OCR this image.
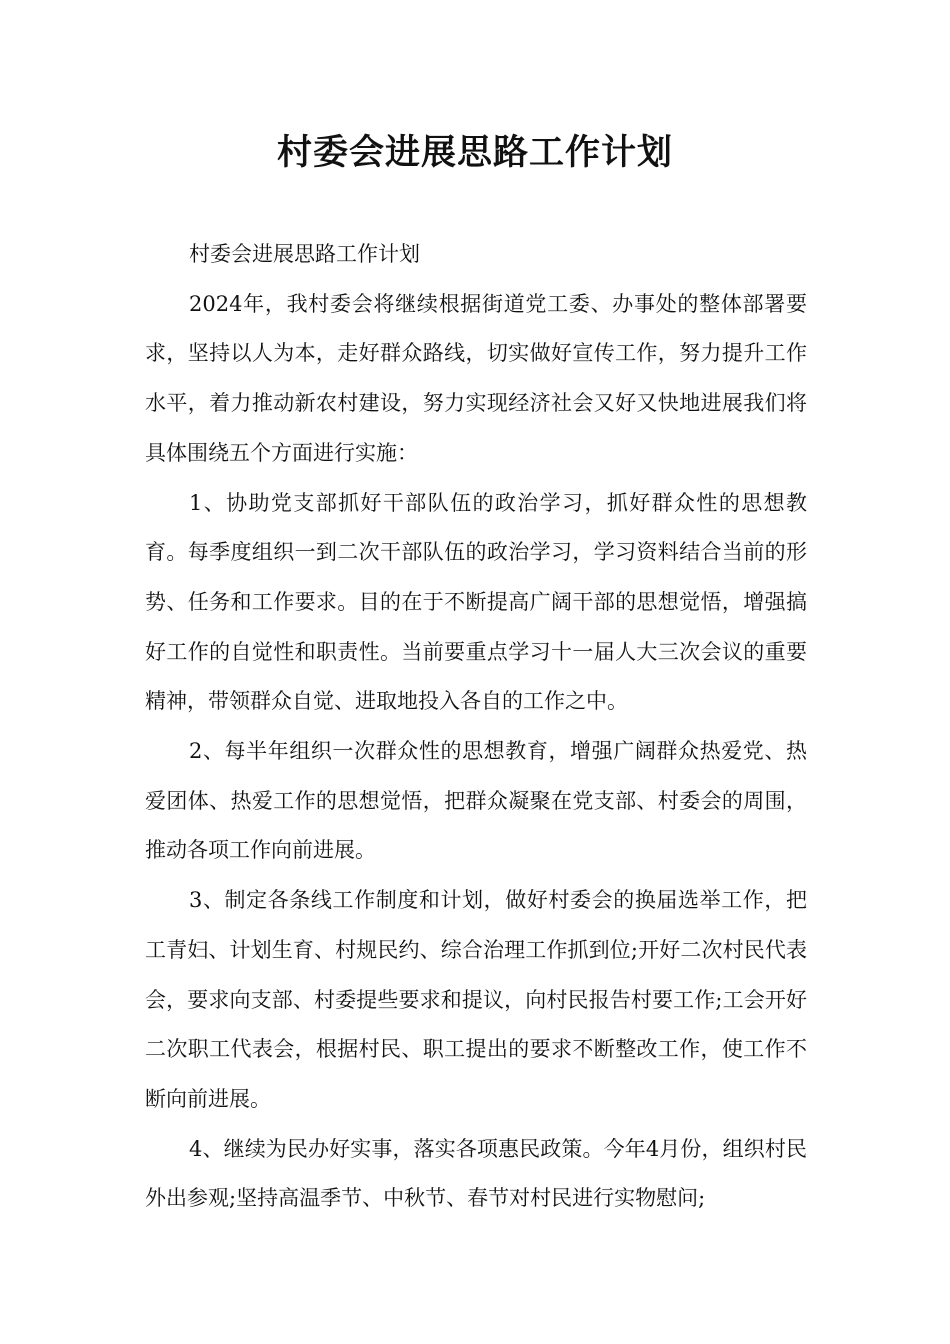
村委会进展思路工作计划

村委会进展思路工作计划

2024年，我村委会将继续根据街道党工委、办事处的整体部署要求，坚持以人为本，走好群众路线，切实做好宣传工作，努力提升工作水平，着力推动新农村建设，努力实现经济社会又好又快地进展我们将具体围绕五个方面进行实施：

1、协助党支部抓好干部队伍的政治学习，抓好群众性的思想教育。每季度组织一到二次干部队伍的政治学习，学习资料结合当前的形势、任务和工作要求。目的在于不断提高广阔干部的思想觉悟，增强搞好工作的自觉性和职责性。当前要重点学习十一届人大三次会议的重要精神，带领群众自觉、进取地投入各自的工作之中。

2、每半年组织一次群众性的思想教育，增强广阔群众热爱党、热爱团体、热爱工作的思想觉悟，把群众凝聚在党支部、村委会的周围，推动各项工作向前进展。

3、制定各条线工作制度和计划，做好村委会的换届选举工作，把工青妇、计划生育、村规民约、综合治理工作抓到位;开好二次村民代表会，要求向支部、村委提些要求和提议，向村民报告村要工作;工会开好二次职工代表会，根据村民、职工提出的要求不断整改工作，使工作不断向前进展。

4、继续为民办好实事，落实各项惠民政策。今年4月份，组织村民外出参观;坚持高温季节、中秋节、春节对村民进行实物慰问;
